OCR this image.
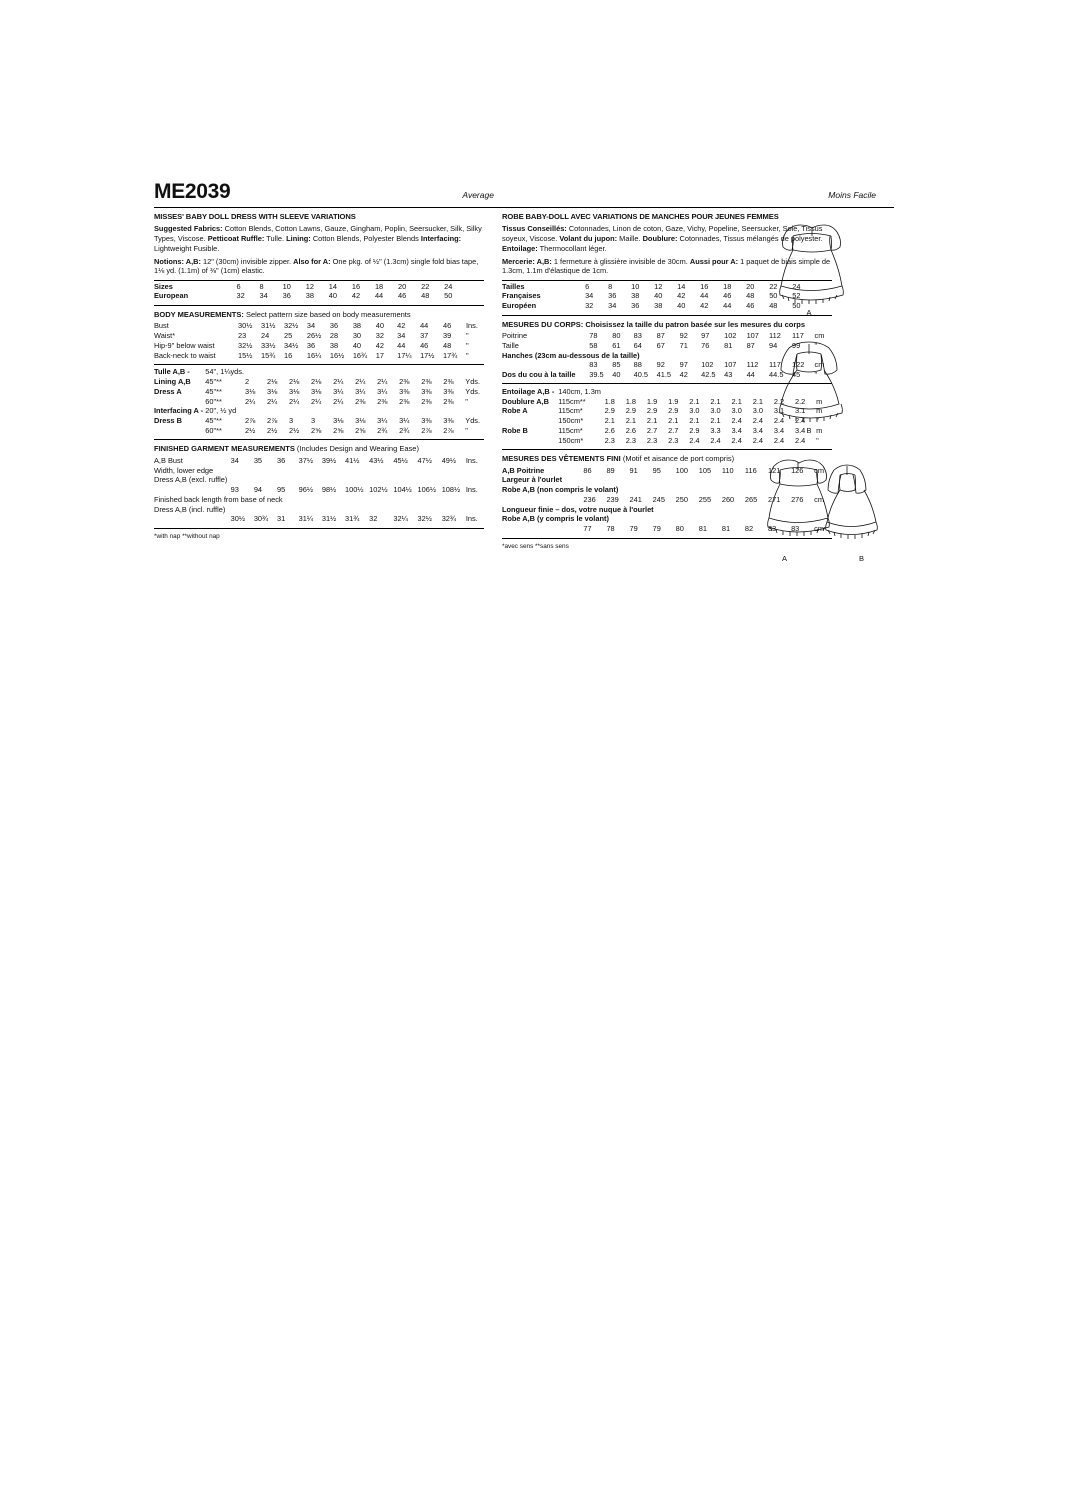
ME2039	Average	Moins Facile
MISSES' BABY DOLL DRESS WITH SLEEVE VARIATIONS
Suggested Fabrics: Cotton Blends, Cotton Lawns, Gauze, Gingham, Poplin, Seersucker, Silk, Silky Types, Viscose. Petticoat Ruffle: Tulle. Lining: Cotton Blends, Polyester Blends Interfacing: Lightweight Fusible.
Notions: A,B: 12" (30cm) invisible zipper. Also for A: One pkg. of ½" (1.3cm) single fold bias tape, 1⅛ yd. (1.1m) of ⅜" (1cm) elastic.
Sizes	6	8	10	12	14	16	18	20	22	24	
European	32	34	36	38	40	42	44	46	48	50	
BODY MEASUREMENTS: Select pattern size based on body measurements
Bust	30½	31½	32½	34	36	38	40	42	44	46	Ins.
Waist*	23	24	25	26½	28	30	32	34	37	39	"
Hip-9" below waist	32½	33½	34½	36	38	40	42	44	46	48	"
Back-neck to waist	15½	15¾	16	16¼	16½	16¾	17	17¼	17½	17¾	"
Tulle A,B -	54", 1¼yds.											
Lining A,B	45"**	2	2⅛	2⅛	2⅛	2¼	2¼	2¼	2⅜	2⅜	2⅜	Yds.
Dress A	45"**	3⅛	3⅛	3⅛	3⅛	3¼	3¼	3¼	3⅜	3⅜	3⅜	Yds.
	60"**	2¼	2¼	2¼	2¼	2¼	2⅜	2⅜	2⅜	2⅜	2⅜	"
Interfacing A -	20", ½ yd											
Dress B	45"**	2⅞	2⅞	3	3	3⅛	3⅛	3¼	3¼	3⅜	3⅜	Yds.
	60"**	2½	2½	2½	2⅝	2⅝	2⅝	2¾	2¾	2⅞	2⅞	"
FINISHED GARMENT MEASUREMENTS (Includes Design and Wearing Ease)
A,B Bust	34	35	36	37½	39½	41½	43½	45½	47½	49½	Ins.
Width, lower edge											
Dress A,B (excl. ruffle)											
	93	94	95	96½	98½	100½	102½	104½	106½	108½	Ins.
Finished back length from base of neck											
Dress A,B (incl. ruffle)											
	30½	30¾	31	31¼	31½	31¾	32	32¼	32½	32¾	Ins.
*with nap **without nap
ROBE BABY-DOLL AVEC VARIATIONS DE MANCHES POUR JEUNES FEMMES
Tissus Conseillés: Cotonnades, Linon de coton, Gaze, Vichy, Popeline, Seersucker, Soie, Tissus soyeux, Viscose. Volant du jupon: Maille. Doublure: Cotonnades, Tissus mélangés de polyester. Entoilage: Thermocollant léger.
Mercerie: A,B: 1 fermeture à glissière invisible de 30cm. Aussi pour A: 1 paquet de biais simple de 1.3cm, 1.1m d'élastique de 1cm.
Tailles	6	8	10	12	14	16	18	20	22	24	
Françaises	34	36	38	40	42	44	46	48	50	52	
Européen	32	34	36	38	40	42	44	46	48	50	
MESURES DU CORPS: Choisissez la taille du patron basée sur les mesures du corps
Poitrine	78	80	83	87	92	97	102	107	112	117	cm
Taille	58	61	64	67	71	76	81	87	94	99	"
Hanches (23cm au-dessous de la taille)											
	83	85	88	92	97	102	107	112	117	122	cm
Dos du cou à la taille	39.5	40	40.5	41.5	42	42.5	43	44	44.5	45	"
Entoilage A,B -	140cm, 1.3m											
Doublure A,B	115cm**	1.8	1.8	1.9	1.9	2.1	2.1	2.1	2.1	2.2	2.2	m
Robe A	115cm*	2.9	2.9	2.9	2.9	3.0	3.0	3.0	3.0	3.1	3.1	m
	150cm*	2.1	2.1	2.1	2.1	2.1	2.1	2.4	2.4	2.4	2.4	"
Robe B	115cm*	2.6	2.6	2.7	2.7	2.9	3.3	3.4	3.4	3.4	3.4	m
	150cm*	2.3	2.3	2.3	2.3	2.4	2.4	2.4	2.4	2.4	2.4	"
MESURES DES VÊTEMENTS FINI (Motif et aisance de port compris)
A,B Poitrine	86	89	91	95	100	105	110	116	121	126	cm
Largeur à l'ourlet											
Robe A,B (non compris le volant)											
	236	239	241	245	250	255	260	265	271	276	cm
Longueur finie – dos, votre nuque à l'ourlet											
Robe A,B (y compris le volant)											
	77	78	79	79	80	81	81	82	83	83	cm
*avec sens **sans sens
A
B
A	B
